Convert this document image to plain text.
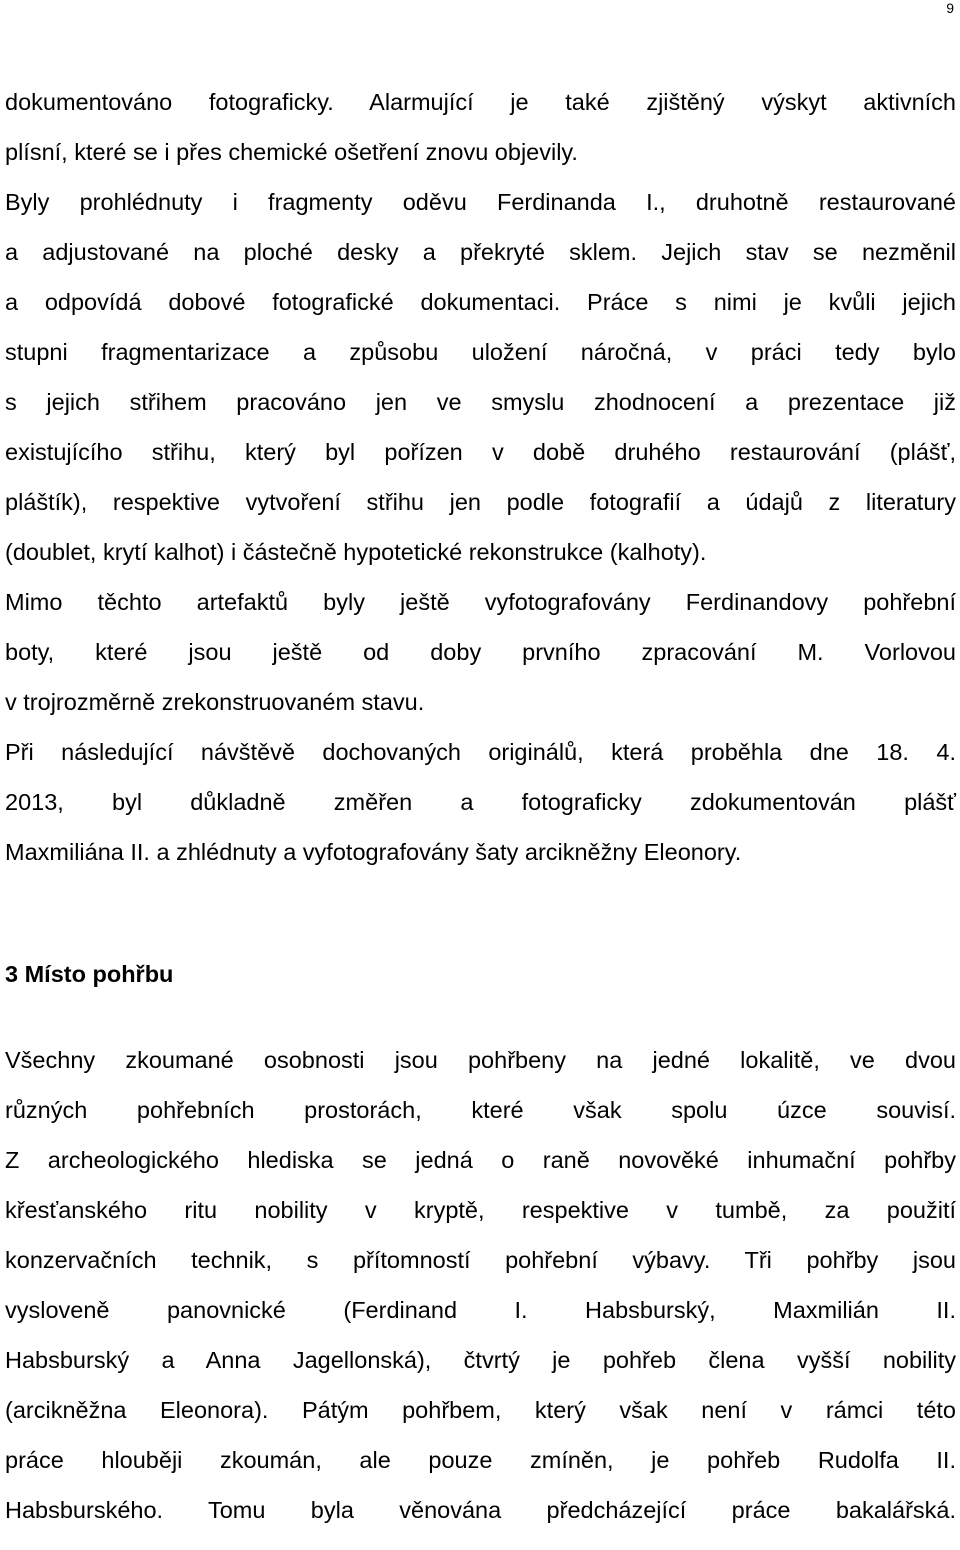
9

dokumentováno fotograficky. Alarmující je také zjištěný výskyt aktivních
plísní, které se i přes chemické ošetření znovu objevily.

Byly prohlédnuty i fragmenty oděvu Ferdinanda I., druhotně restaurované
a adjustované na ploché desky a překryté sklem. Jejich stav se nezměnil
a odpovídá dobové fotografické dokumentaci. Práce s nimi je kvůli jejich
stupni fragmentarizace a způsobu uložení náročná, v práci tedy bylo
s jejich střihem pracováno jen ve smyslu zhodnocení a prezentace již
existujícího střihu, který byl pořízen v době druhého restaurování (plášť,
pláštík), respektive vytvoření střihu jen podle fotografií a údajů z literatury
(doublet, krytí kalhot) i částečně hypotetické rekonstrukce (kalhoty).

Mimo těchto artefaktů byly ještě vyfotografovány Ferdinandovy pohřební
boty, které jsou ještě od doby prvního zpracování M. Vorlovou
v trojrozměrně zrekonstruovaném stavu.

Při následující návštěvě dochovaných originálů, která proběhla dne 18. 4.
2013, byl důkladně změřen a fotograficky zdokumentován plášť
Maxmiliána II. a zhlédnuty a vyfotografovány šaty arcikněžny Eleonory.

3 Místo pohřbu

Všechny zkoumané osobnosti jsou pohřbeny na jedné lokalitě, ve dvou
různých pohřebních prostorách, které však spolu úzce souvisí.
Z archeologického hlediska se jedná o raně novověké inhumační pohřby
křesťanského ritu nobility v kryptě, respektive v tumbě, za použití
konzervačních technik, s přítomností pohřební výbavy. Tři pohřby jsou
vysloveně panovnické (Ferdinand I. Habsburský, Maxmilián II.
Habsburský a Anna Jagellonská), čtvrtý je pohřeb člena vyšší nobility
(arcikněžna Eleonora). Pátým pohřbem, který však není v rámci této
práce hlouběji zkoumán, ale pouze zmíněn, je pohřeb Rudolfa II.
Habsburského. Tomu byla věnována předcházející práce bakalářská.
